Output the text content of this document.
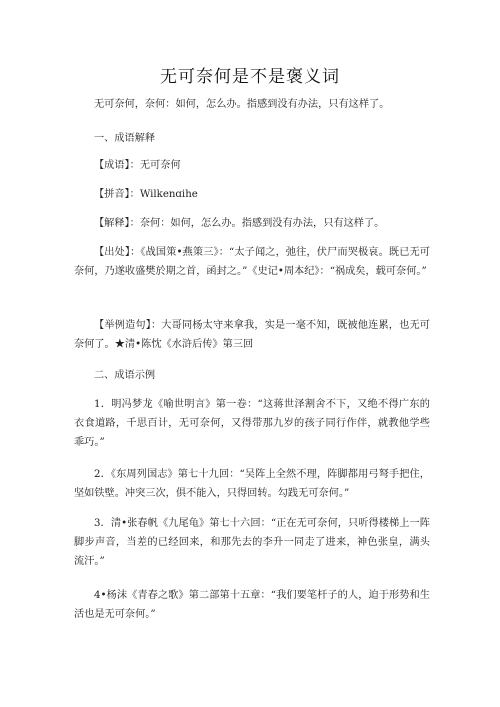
无可奈何是不是褒义词
无可奈何，奈何：如何，怎么办。指感到没有办法，只有这样了。
一、成语解释
【成语】：无可奈何
【拼音】：Wilkenɑihe
【解释】：奈何：如何，怎么办。指感到没有办法，只有这样了。
【出处】：《战国策•燕策三》：“太子闻之，弛往，伏尸而哭极哀。既已无可奈何，乃遂收盛樊於期之首，函封之。”《史记•周本纪》：“祸成矣，载可奈何。”
【举例造句】：大哥同杨太守来拿我，实是一毫不知，既被他连累，也无可奈何了。★清•陈忱《水浒后传》第三回
二、成语示例
1．明冯梦龙《喻世明言》第一卷：“这蒋世泽割舍不下，又绝不得广东的衣食道路，千思百计，无可奈何，又得带那九岁的孩子同行作伴，就教他学些乖巧。”
2．《东周列国志》第七十九回：“吴阵上全然不理，阵脚都用弓弩手把住，坚如铁壁。冲突三次，俱不能入，只得回转。勾践无可奈何。”
3．清•张春帆《九尾龟》第七十六回：“正在无可奈何，只听得楼梯上一阵脚步声音，当差的已经回来，和那先去的李升一同走了进来，神色张皇，满头流汗。”
4•杨沫《青春之歌》第二部第十五章：“我们要笔杆子的人，迫于形势和生活也是无可奈何。”
